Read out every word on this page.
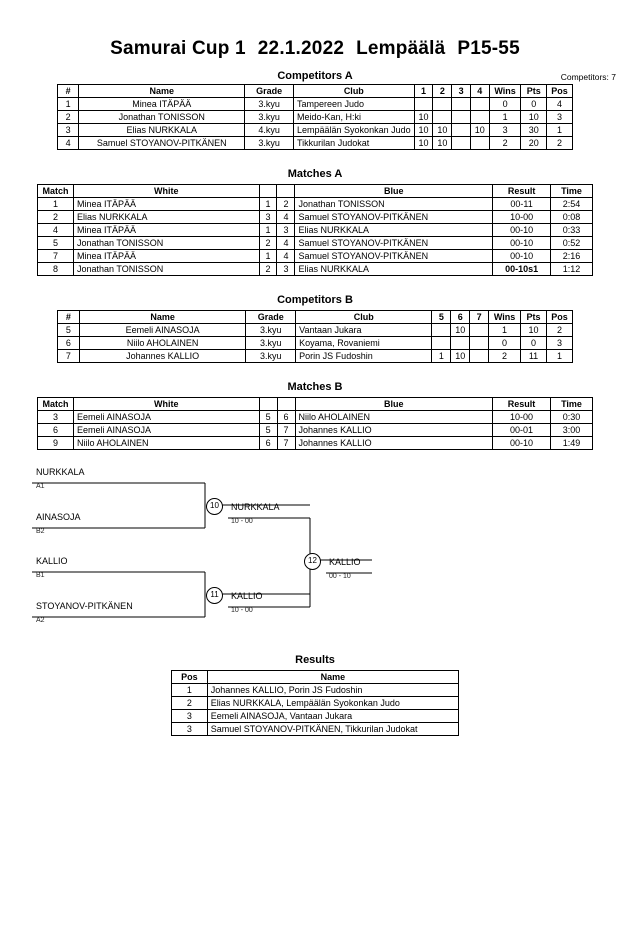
Samurai Cup 1 22.1.2022 Lempäälä P15-55
Competitors A	Competitors: 7
#	Name	Grade	Club	1	2	3	4	Wins	Pts	Pos
1	Minea ITÄPÄÄ	3.kyu	Tampereen Judo					0	0	4
2	Jonathan TONISSON	3.kyu	Meido-Kan, H:ki	10				1	10	3
3	Elias NURKKALA	4.kyu	Lempäälän Syokonkan Judo	10	10		10	3	30	1
4	Samuel STOYANOV-PITKÄNEN	3.kyu	Tikkurilan Judokat	10	10			2	20	2
Matches A
Match	White			Blue	Result	Time
1	Minea ITÄPÄÄ	1	2	Jonathan TONISSON	00-11	2:54
2	Elias NURKKALA	3	4	Samuel STOYANOV-PITKÄNEN	10-00	0:08
4	Minea ITÄPÄÄ	1	3	Elias NURKKALA	00-10	0:33
5	Jonathan TONISSON	2	4	Samuel STOYANOV-PITKÄNEN	00-10	0:52
7	Minea ITÄPÄÄ	1	4	Samuel STOYANOV-PITKÄNEN	00-10	2:16
8	Jonathan TONISSON	2	3	Elias NURKKALA	00-10s1	1:12
Competitors B
#	Name	Grade	Club	5	6	7	Wins	Pts	Pos
5	Eemeli AINASOJA	3.kyu	Vantaan Jukara		10		1	10	2
6	Niilo AHOLAINEN	3.kyu	Koyama, Rovaniemi				0	0	3
7	Johannes KALLIO	3.kyu	Porin JS Fudoshin	1	10		2	11	1
Matches B
Match	White			Blue	Result	Time
3	Eemeli AINASOJA	5	6	Niilo AHOLAINEN	10-00	0:30
6	Eemeli AINASOJA	5	7	Johannes KALLIO	00-01	3:00
9	Niilo AHOLAINEN	6	7	Johannes KALLIO	00-10	1:49
NURKKALA
A1
AINASOJA
B2
KALLIO
B1
STOYANOV-PITKÄNEN
A2
10	NURKKALA
10 - 00
11	KALLIO
10 - 00
12	KALLIO
00 - 10
Results
Pos	Name
1	Johannes KALLIO, Porin JS Fudoshin
2	Elias NURKKALA, Lempäälän Syokonkan Judo
3	Eemeli AINASOJA, Vantaan Jukara
3	Samuel STOYANOV-PITKÄNEN, Tikkurilan Judokat
